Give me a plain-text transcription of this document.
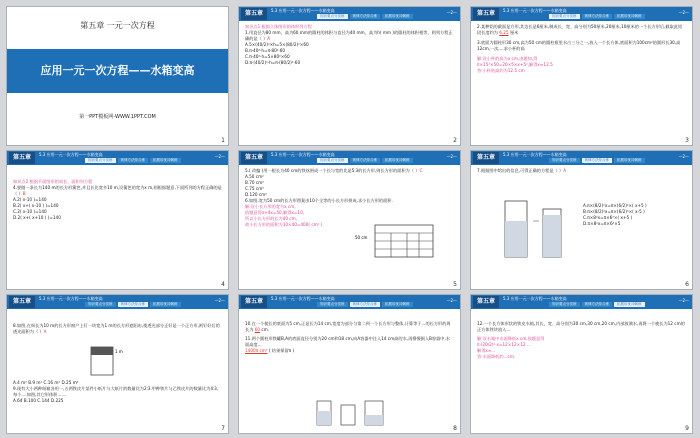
第五章 一元一次方程
应用一元一次方程——水箱变高
第一PPT模板网-WWW.1PPT.COM
1
第五章	5.3 应用一元一次方程——水箱变高
知识要点分类练	规律方法综合练	拓展培优冲刺练
—2—
知识点1 根据立体图形的体积列方程
1.用直径为80 mm，高为60 mm的圆柱的体积与直径为40 mm，高为h( mm )的圆柱的体积相等，则列方程正确的是（ ）A
A.5×(40/2)²×h=5×(80/2)²×60
B.π·40²·h=π·80²·60
C.π·40²·h=5×80²×60
D.π·(40/2)²·h=π·(80/2)²·60
2
第五章	5.3 应用一元一次方程——水箱变高
知识要点分类练	规律方法综合练	拓展培优冲刺练
—2—
2.某种铝的截面是方形,其边长是6厘米,制成长、宽、高分别为50厘米,20厘米,10厘米的一个长方形后,截取此铝段长度约为 6.25 厘米
3.底面为圆柱形30 cm,高为50 cm的圆柱瓶里水占三分之一,放入一个长方体,底面积为100cm²的圆形长30,高12cm,一次,...求小杯的高
解:设小杯的高为x cm,由题知,得
π×15²×50=20×5×x+5²,解得x≈12.5
答:小杯的高约为12.5 cm
3
第五章	5.3 应用一元一次方程——水箱变高
知识要点分类练	规律方法综合练	拓展培优冲刺练
—2—
知识点2 根据平面图形的周长、面积列方程
4.要做一条长为140 m的长方形篱笆,并且长比宽多10 m,设篱笆的宽为x m,则根据题意,下面所列的方程正确的是（ ）B
A.2( x-10 )=140
B.2( x+( x-10 ) )=140
C.2( x-10 )=140
D.2( x+( x+10 ) )=140
4
第五章	5.3 应用一元一次方程——水箱变高
知识要点分类练	规律方法综合练	拓展培优冲刺练
—2—
5.( 改编 )用一根长为40 cm的铁丝围成一个长与宽的比是5∶3的长方形,则长方形的面积为（ ）C
A.50 cm²
B.70 cm²
C.75 cm²
D.120 cm²
6.如图,宽为50 cm的长方形图案由10个全等的小长方形拼成,求小长方形的面积.
解:设小长方形的宽为x cm,
依题意得x+4x=50,解得x=10,
所以小长方形的长为40 cm,
故小长方形的面积为10×40=400( cm² ).
50 cm
5
第五章	5.3 应用一元一次方程——水箱变高
知识要点分类练	规律方法综合练	拓展培优冲刺练
—2—
7.根据图中给出的信息,可得正确的方程是（ ）A
A.π×(8/2)²x=π×(6/2)²×( x+5 )
B.π×(8/2)²x=π×(6/2)²×( x-5 )
C.π×8²x=π×6²×( x+5 )
D.π×8²x=π×6²×5
6
第五章	5.3 应用一元一次方程——水箱变高
知识要点分类练	规律方法综合练	拓展培优冲刺练
—2—
8.如图,在周长为10 m的长方形窗户上钉一块宽为1 m的长方形遮阳布,使透光部分正好是一个正方形,则钉好后的透光面积为（ ）A
1 m
A.4 m² B.9 m² C.16 m² D.25 m²
9.现有大小两种纸箱各用一,五两铁皮片某件小纸片与大纸片的数量比为2∶3.甲种铁片与乙铁皮片的数量比为4∶3,每个....如图,其它形体积.......
A.64 B.100 C.144 D.225
7
第五章	5.3 应用一元一次方程——水箱变高
知识要点分类练	规律方法综合练	拓展培优冲刺练
—2—
10.在一个棱长的底面为5 cm,正是长为14 cm,宽度为部分与第二到一个长方形与整体,计算等于...的长方形的周长为 60 cm.
11.两个圆柱形铁罐B,A的底面直径分别为20 cm和18 cm,向A容器中注入14 cm高的水,再慢慢倒入B容器中,水面高度...
1400π cm³ ( 结果保留π )
8
第五章	5.3 应用一元一次方程——水箱变高
知识要点分类练	规律方法综合练	拓展培优冲刺练
—2—
12.一个长方体形状的铁皮水箱,其长、宽、高分别为30 cm,30 cm,20 cm,内部放满水,再将一个棱长为12 cm的正方体铁块放入...
解:设水箱中水面降低x cm,依题意得
π·(20/2)²·x=12×12×12 ...
解得x≈...
答:水面降低约...cm.
9
